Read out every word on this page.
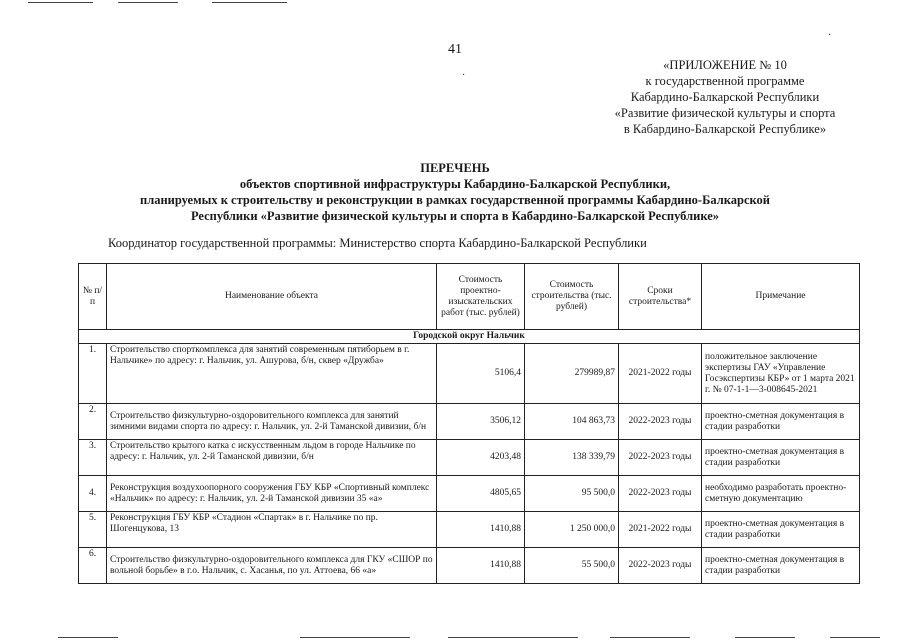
·
·
41
«ПРИЛОЖЕНИЕ № 10
к государственной программе
Кабардино-Балкарской Республики
«Развитие физической культуры и спорта
в Кабардино-Балкарской Республике»
ПЕРЕЧЕНЬ
объектов спортивной инфраструктуры Кабардино-Балкарской Республики,
планируемых к строительству и реконструкции в рамках государственной программы Кабардино-Балкарской
Республики «Развитие физической культуры и спорта в Кабардино-Балкарской Республике»
Координатор государственной программы: Министерство спорта Кабардино-Балкарской Республики
№ п/п	Наименование объекта	Стоимость проектно-изыскательских работ (тыс. рублей)	Стоимость строительства (тыс. рублей)	Сроки строительства*	Примечание
Городской округ Нальчик					
1.	Строительство спорткомплекса для занятий современным пятиборьем в г. Нальчике» по адресу: г. Нальчик, ул. Ашурова, б/н, сквер «Дружба»	5106,4	279989,87	2021-2022 годы	положительное заключение экспертизы ГАУ «Управление Госэкспертизы КБР» от 1 марта 2021 г. № 07-1-1—3-008645-2021
2.	Строительство физкультурно-оздоровительного комплекса для занятий зимними видами спорта по адресу: г. Нальчик, ул. 2-й Таманской дивизии, б/н	3506,12	104 863,73	2022-2023 годы	проектно-сметная документация в стадии разработки
3.	Строительство крытого катка с искусственным льдом в городе Нальчике по адресу: г. Нальчик, ул. 2-й Таманской дивизии, б/н	4203,48	138 339,79	2022-2023 годы	проектно-сметная документация в стадии разработки
4.	Реконструкция воздухоопорного сооружения ГБУ КБР «Спортивный комплекс «Нальчик» по адресу: г. Нальчик, ул. 2-й Таманской дивизии 35 «а»	4805,65	95 500,0	2022-2023 годы	необходимо разработать проектно-сметную документацию
5.	Реконструкция ГБУ КБР «Стадион «Спартак» в г. Нальчике по пр. Шогенцукова, 13	1410,88	1 250 000,0	2021-2022 годы	проектно-сметная документация в стадии разработки
6.	Строительство физкультурно-оздоровительного комплекса для ГКУ «СШОР по вольной борьбе» в г.о. Нальчик, с. Хасанья, по ул. Аттоева, 66 «а»	1410,88	55 500,0	2022-2023 годы	проектно-сметная документация в стадии разработки
